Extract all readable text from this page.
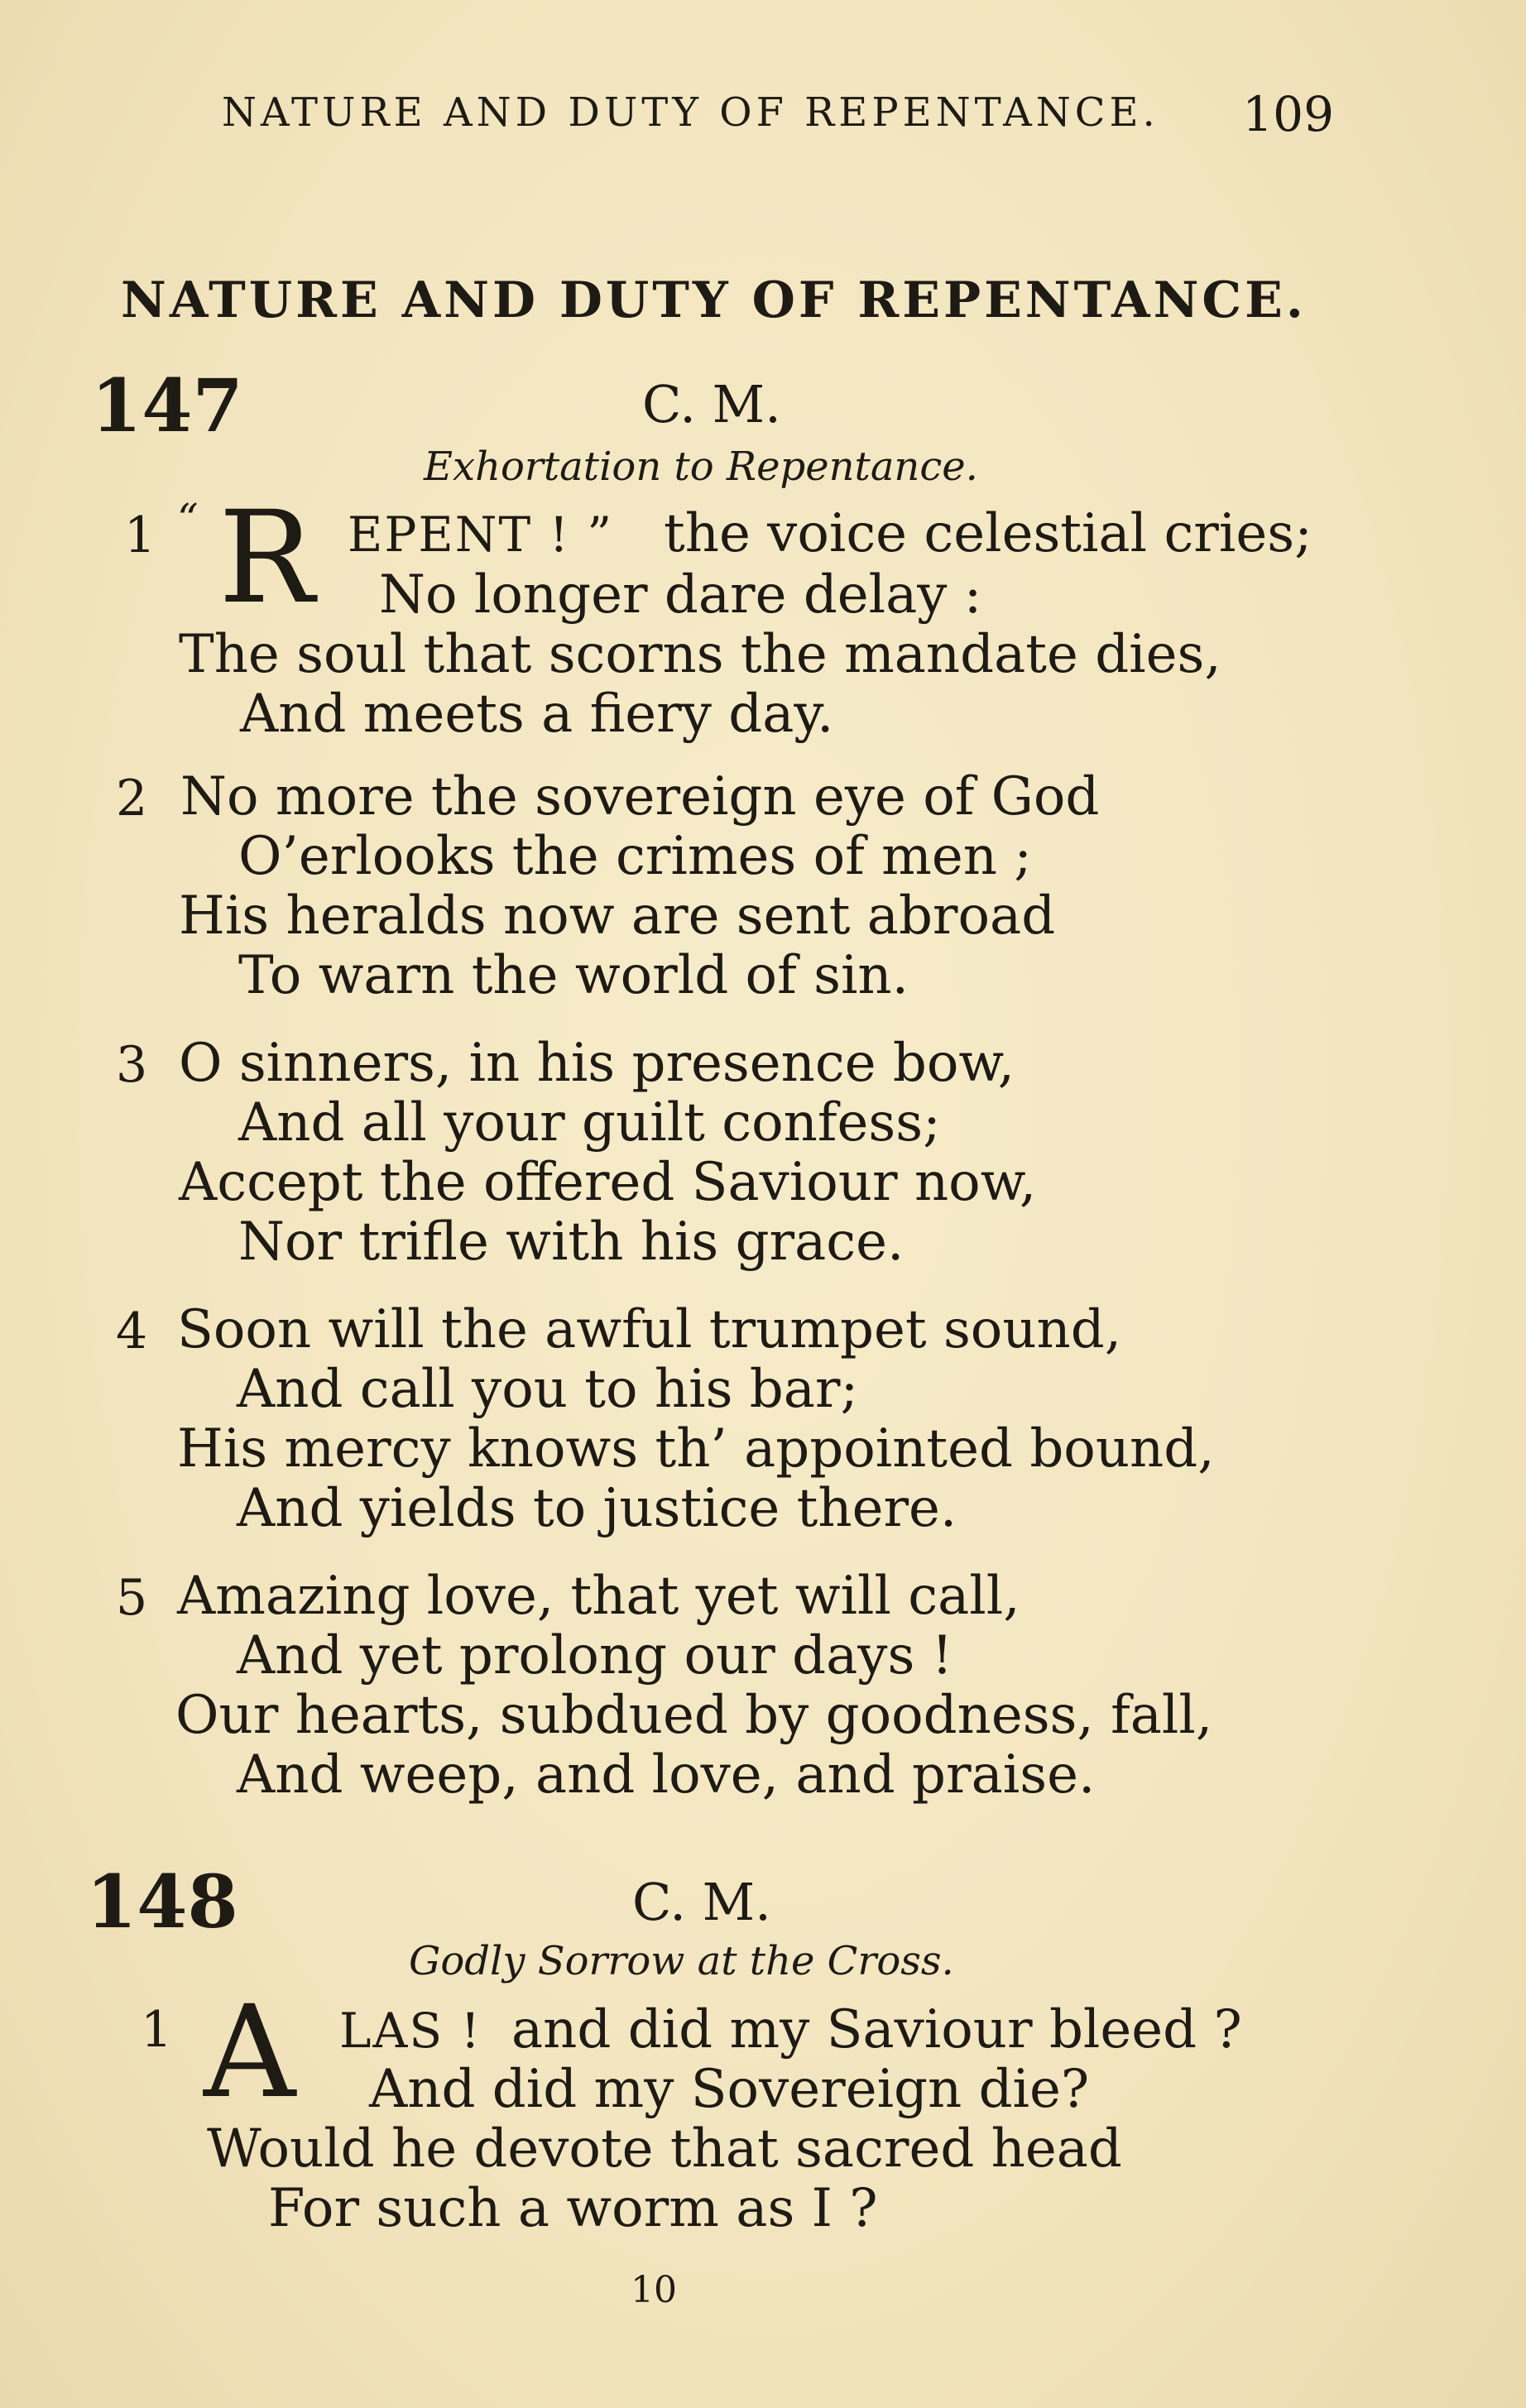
NATURE AND DUTY OF REPENTANCE. 109
NATURE AND DUTY OF REPENTANCE.
147	C. M.
Exhortation to Repentance.
1 “ R EPENT ! ” the voice celestial cries;
No longer dare delay :
The soul that scorns the mandate dies,
And meets a fiery day.
2 No more the sovereign eye of God
O’erlooks the crimes of men ;
His heralds now are sent abroad
To warn the world of sin.
3 O sinners, in his presence bow,
And all your guilt confess;
Accept the offered Saviour now,
Nor trifle with his grace.
4 Soon will the awful trumpet sound,
And call you to his bar;
His mercy knows th’ appointed bound,
And yields to justice there.
5 Amazing love, that yet will call,
And yet prolong our days !
Our hearts, subdued by goodness, fall,
And weep, and love, and praise.
148	C. M.
Godly Sorrow at the Cross.
1 A LAS ! and did my Saviour bleed ?
And did my Sovereign die?
Would he devote that sacred head
For such a worm as I ?
10
